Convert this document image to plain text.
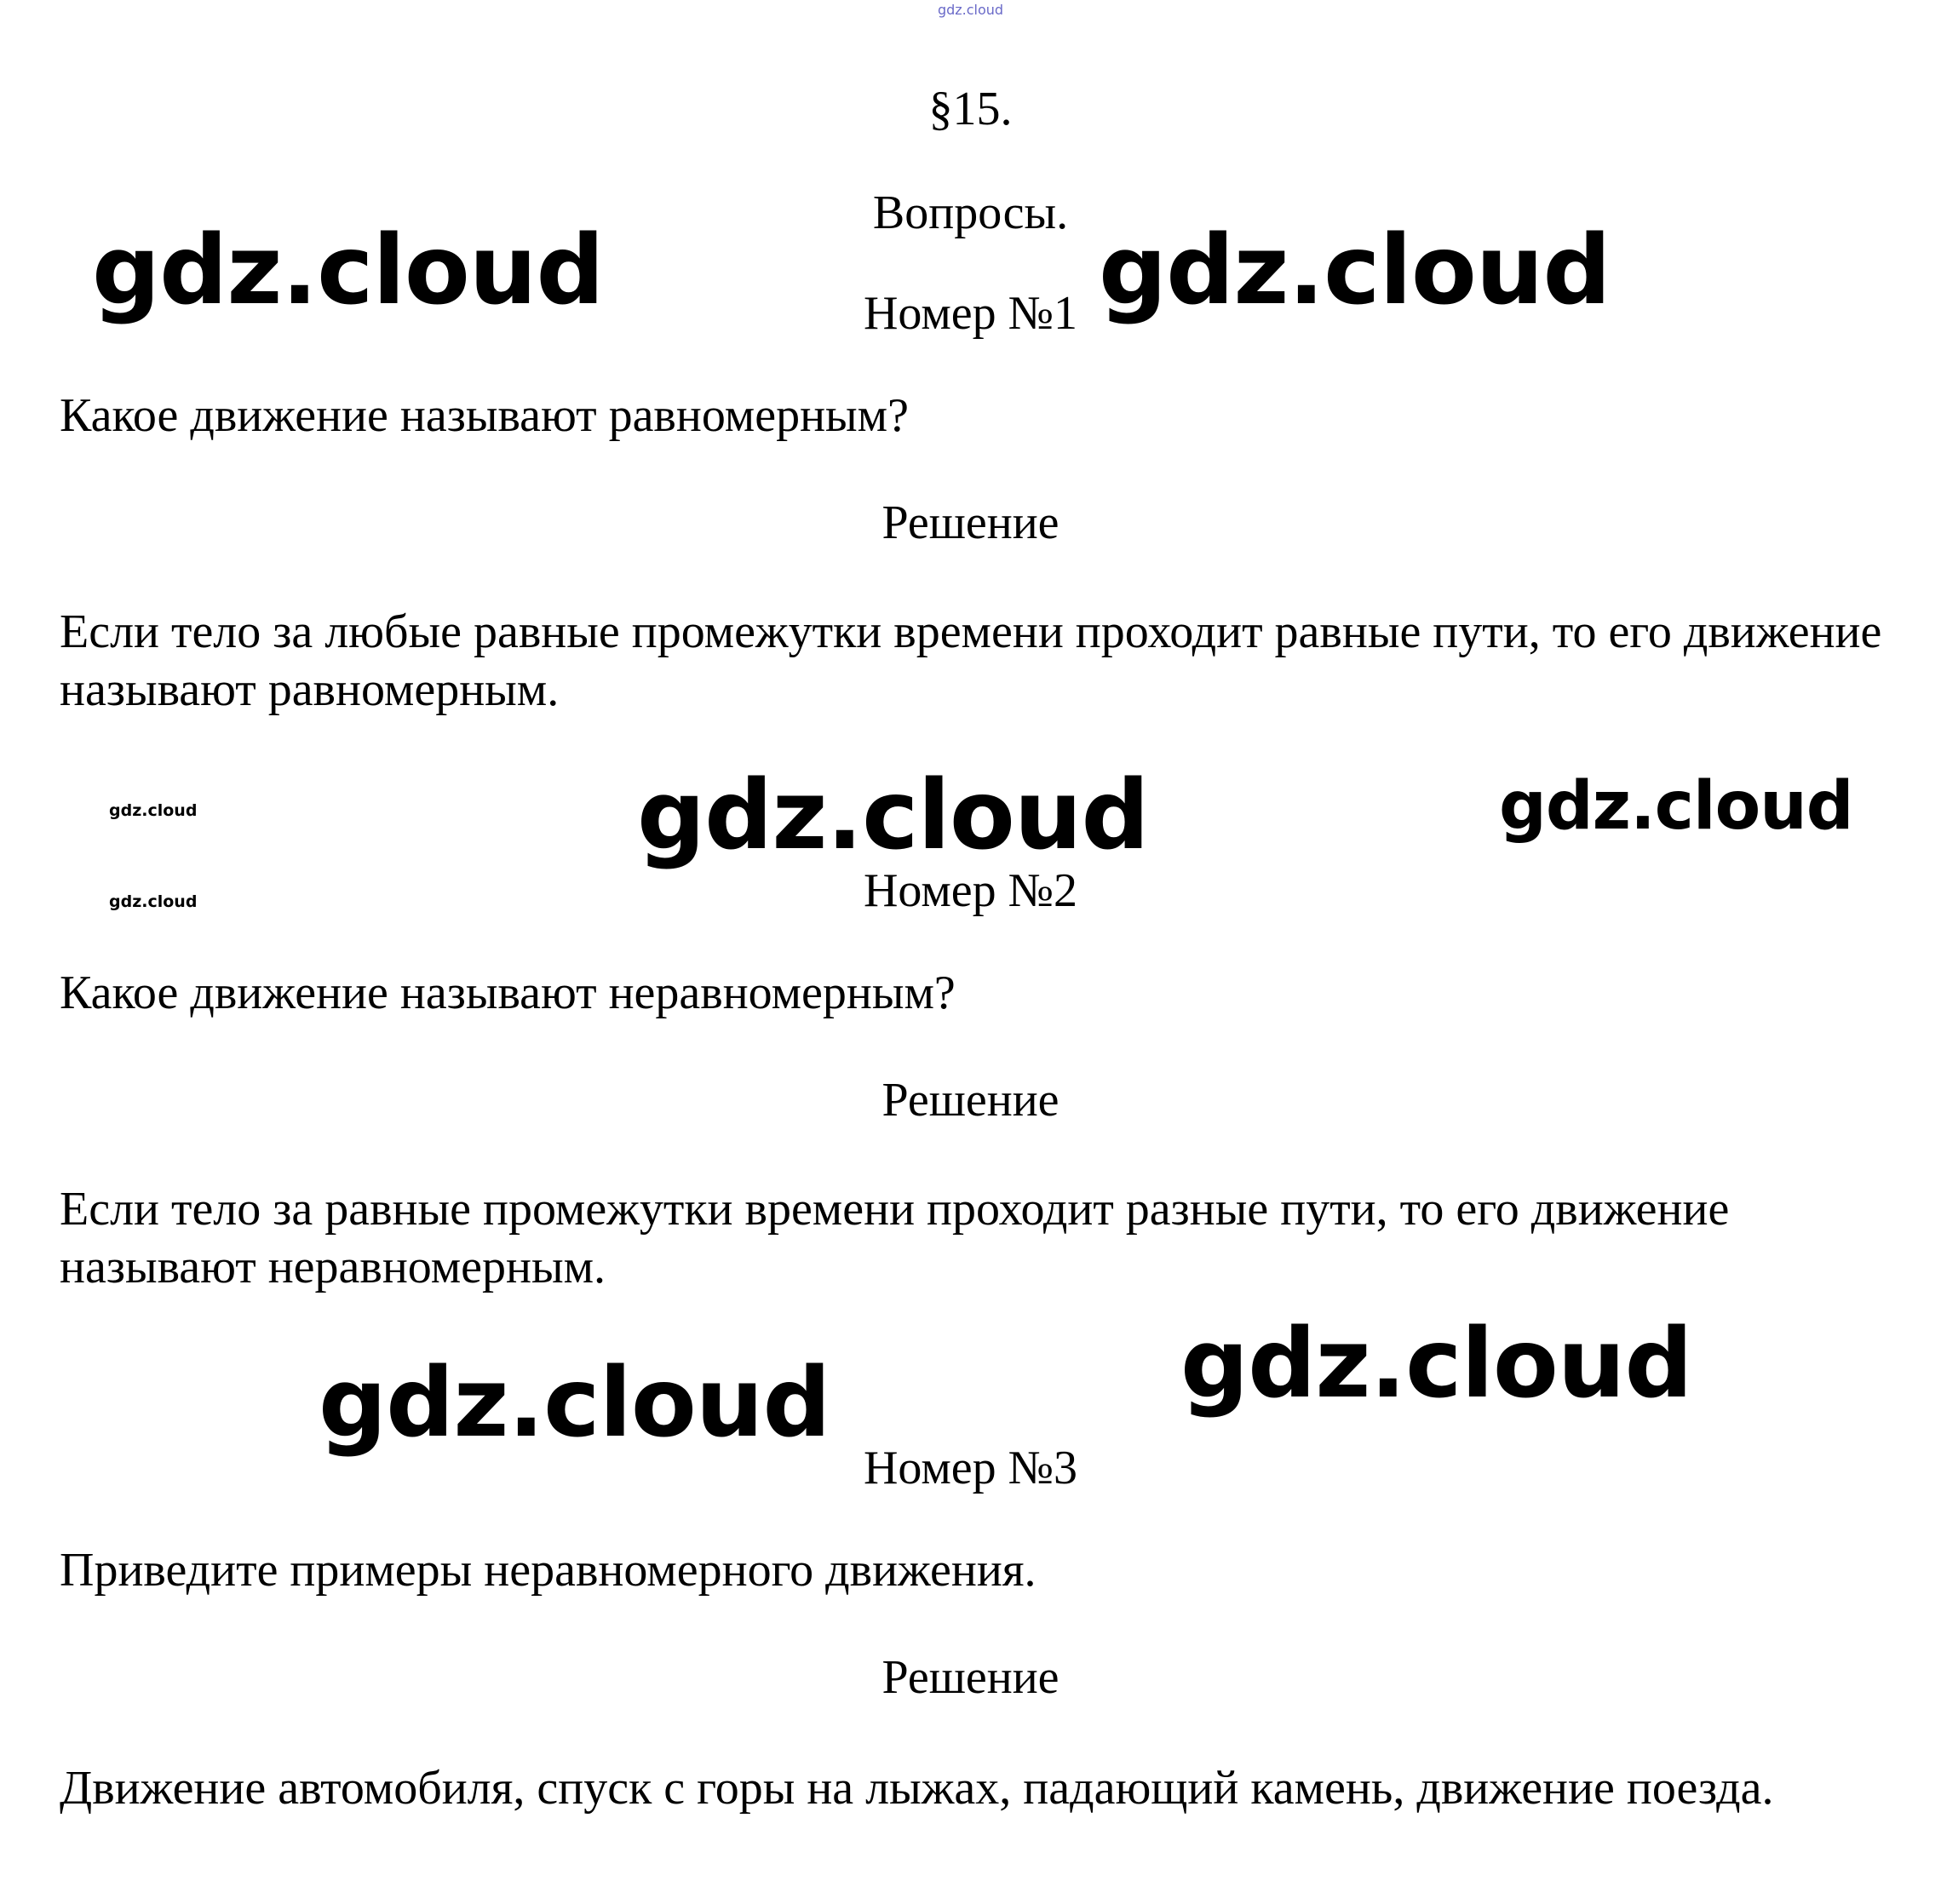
gdz.cloud
§15.
Вопросы.
Номер №1
Какое движение называют равномерным?
Решение
Если тело за любые равные промежутки времени проходит равные пути, то его движение называют равномерным.
Номер №2
Какое движение называют неравномерным?
Решение
Если тело за равные промежутки времени проходит разные пути, то его движение называют неравномерным.
Номер №3
Приведите примеры неравномерного движения.
Решение
Движение автомобиля, спуск с горы на лыжах, падающий камень, движение поезда.
gdz.cloud	gdz.cloud
gdz.cloud	gdz.cloud	gdz.cloud
gdz.cloud
gdz.cloud	gdz.cloud
